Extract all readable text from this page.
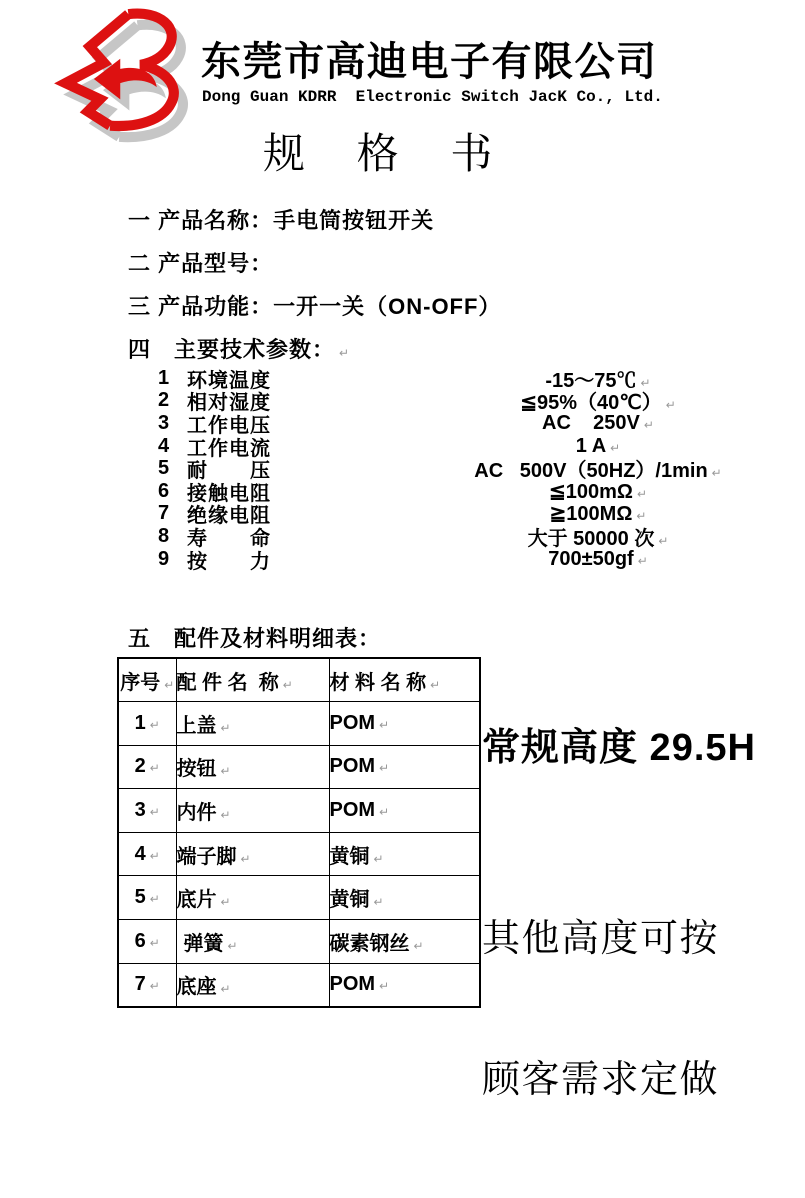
东莞市高迪电子有限公司
Dong Guan KDRR  Electronic Switch JacK Co., Ltd.
规 格 书
一 产品名称：手电筒按钮开关
二 产品型号：
三 产品功能：一开一关（ON-OFF）
四　主要技术参数： ↵
1 环境温度	-15～75℃ ↵
2 相对湿度	≦95%（40℃） ↵
3 工作电压	AC    250V ↵
4 工作电流	1 A ↵
5 耐　　压	AC   500V（50HZ）/1min ↵
6 接触电阻	≦100mΩ ↵
7 绝缘电阻	≧100MΩ ↵
8 寿　　命	大于 50000 次 ↵
9 按　　力	700±50gf ↵
五　配件及材料明细表：
序号 ↵	配 件 名  称 ↵	材 料 名 称 ↵
1 ↵	上盖 ↵	POM ↵
2 ↵	按钮 ↵	POM ↵
3 ↵	内件 ↵	POM ↵
4 ↵	端子脚 ↵	黄铜 ↵
5 ↵	底片 ↵	黄铜 ↵
6 ↵	弹簧 ↵	碳素钢丝 ↵
7 ↵	底座 ↵	POM ↵
常规高度 29.5H

其他高度可按

顾客需求定做
